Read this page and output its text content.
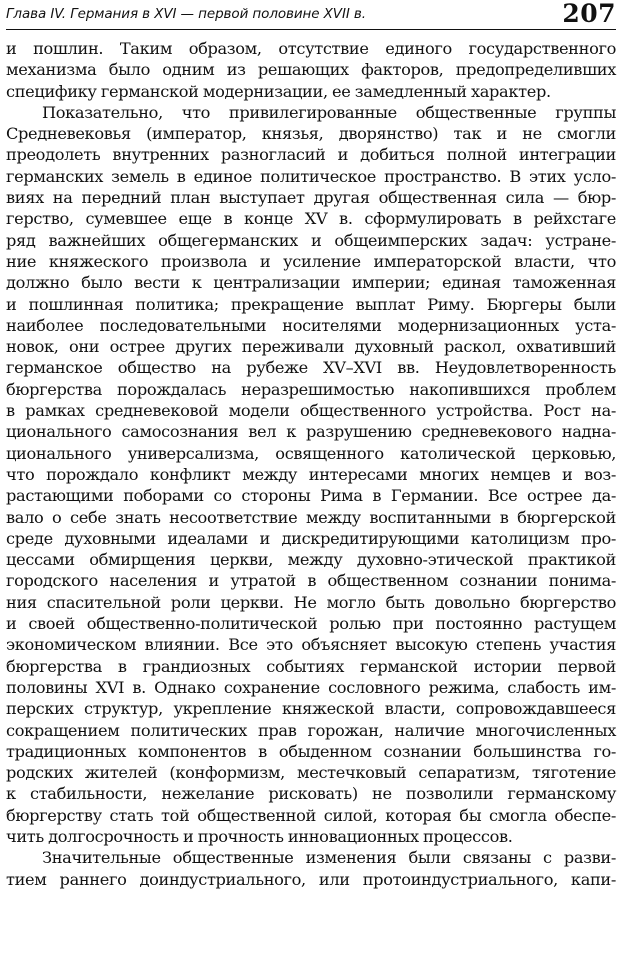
Глава IV. Германия в XVI — первой половине XVII в.	207
и пошлин. Таким образом, отсутствие единого государственного
механизма было одним из решающих факторов, предопределивших
специфику германской модернизации, ее замедленный характер.
Показательно, что привилегированные общественные группы
Средневековья (император, князья, дворянство) так и не смогли
преодолеть внутренних разногласий и добиться полной интеграции
германских земель в единое политическое пространство. В этих усло-
виях на передний план выступает другая общественная сила — бюр-
герство, сумевшее еще в конце XV в. сформулировать в рейхстаге
ряд важнейших общегерманских и общеимперских задач: устране-
ние княжеского произвола и усиление императорской власти, что
должно было вести к централизации империи; единая таможенная
и пошлинная политика; прекращение выплат Риму. Бюргеры были
наиболее последовательными носителями модернизационных уста-
новок, они острее других переживали духовный раскол, охвативший
германское общество на рубеже XV–XVI вв. Неудовлетворенность
бюргерства порождалась неразрешимостью накопившихся проблем
в рамках средневековой модели общественного устройства. Рост на-
ционального самосознания вел к разрушению средневекового надна-
ционального универсализма, освященного католической церковью,
что порождало конфликт между интересами многих немцев и воз-
растающими поборами со стороны Рима в Германии. Все острее да-
вало о себе знать несоответствие между воспитанными в бюргерской
среде духовными идеалами и дискредитирующими католицизм про-
цессами обмирщения церкви, между духовно-этической практикой
городского населения и утратой в общественном сознании понима-
ния спасительной роли церкви. Не могло быть довольно бюргерство
и своей общественно-политической ролью при постоянно растущем
экономическом влиянии. Все это объясняет высокую степень участия
бюргерства в грандиозных событиях германской истории первой
половины XVI в. Однако сохранение сословного режима, слабость им-
перских структур, укрепление княжеской власти, сопровождавшееся
сокращением политических прав горожан, наличие многочисленных
традиционных компонентов в обыденном сознании большинства го-
родских жителей (конформизм, местечковый сепаратизм, тяготение
к стабильности, нежелание рисковать) не позволили германскому
бюргерству стать той общественной силой, которая бы смогла обеспе-
чить долгосрочность и прочность инновационных процессов.
Значительные общественные изменения были связаны с разви-
тием раннего доиндустриального, или протоиндустриального, капи-
